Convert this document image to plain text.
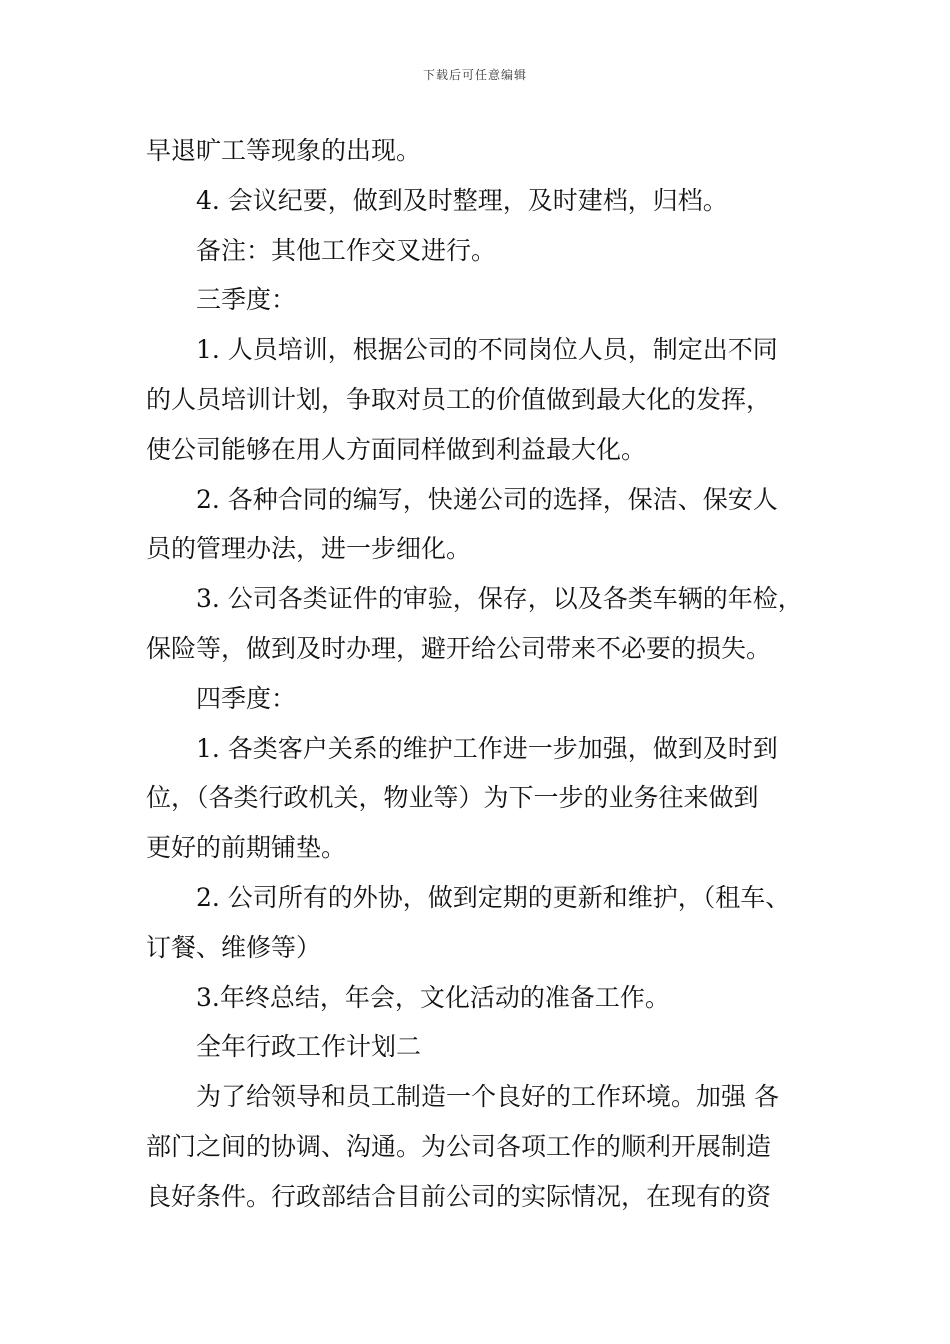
下载后可任意编辑
早退旷工等现象的出现。
4. 会议纪要，做到及时整理，及时建档，归档。
备注：其他工作交叉进行。
三季度：
1. 人员培训，根据公司的不同岗位人员，制定出不同
的人员培训计划，争取对员工的价值做到最大化的发挥，
使公司能够在用人方面同样做到利益最大化。
2. 各种合同的编写，快递公司的选择，保洁、保安人
员的管理办法，进一步细化。
3. 公司各类证件的审验，保存，以及各类车辆的年检，
保险等，做到及时办理，避开给公司带来不必要的损失。
四季度：
1. 各类客户关系的维护工作进一步加强，做到及时到
位，（各类行政机关，物业等）为下一步的业务往来做到
更好的前期铺垫。
2. 公司所有的外协，做到定期的更新和维护，（租车、
订餐、维修等）
3.年终总结，年会，文化活动的准备工作。
全年行政工作计划二
为了给领导和员工制造一个良好的工作环境。加强 各
部门之间的协调、沟通。为公司各项工作的顺利开展制造
良好条件。行政部结合目前公司的实际情况，在现有的资
